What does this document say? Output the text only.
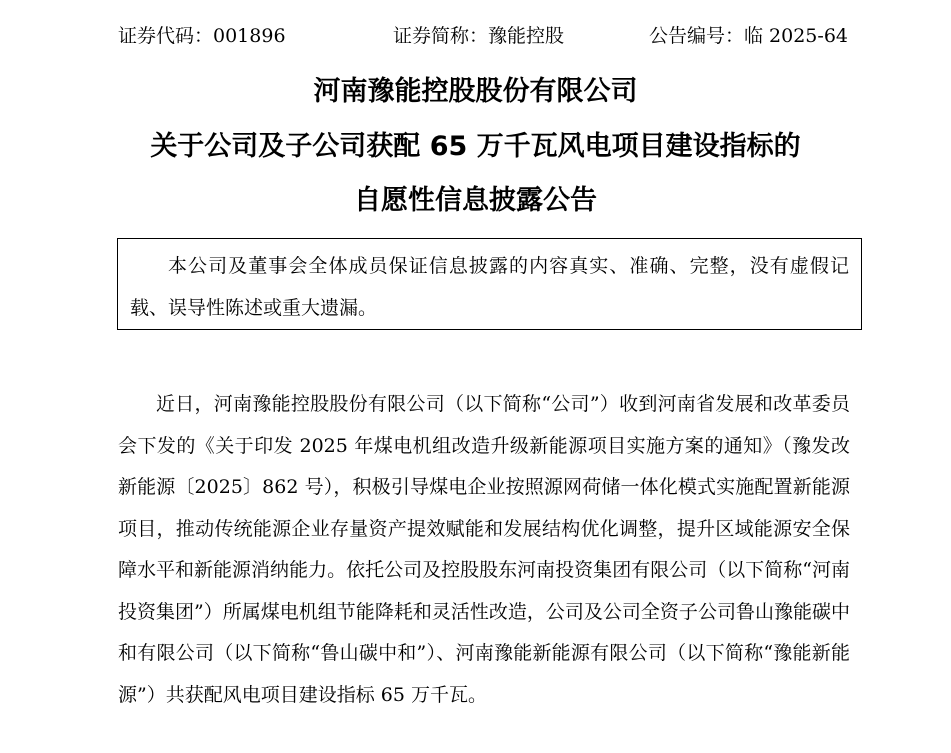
证券代码：001896	证券简称：豫能控股	公告编号：临 2025-64
河南豫能控股股份有限公司
关于公司及子公司获配 65 万千瓦风电项目建设指标的
自愿性信息披露公告
本公司及董事会全体成员保证信息披露的内容真实、准确、完整，没有虚假记载、误导性陈述或重大遗漏。

近日，河南豫能控股股份有限公司（以下简称“公司”）收到河南省发展和改革委员会下发的《关于印发 2025 年煤电机组改造升级新能源项目实施方案的通知》（豫发改新能源〔2025〕862 号），积极引导煤电企业按照源网荷储一体化模式实施配置新能源项目，推动传统能源企业存量资产提效赋能和发展结构优化调整，提升区域能源安全保障水平和新能源消纳能力。依托公司及控股股东河南投资集团有限公司（以下简称“河南投资集团”）所属煤电机组节能降耗和灵活性改造，公司及公司全资子公司鲁山豫能碳中和有限公司（以下简称“鲁山碳中和”）、河南豫能新能源有限公司（以下简称“豫能新能源”）共获配风电项目建设指标 65 万千瓦。
